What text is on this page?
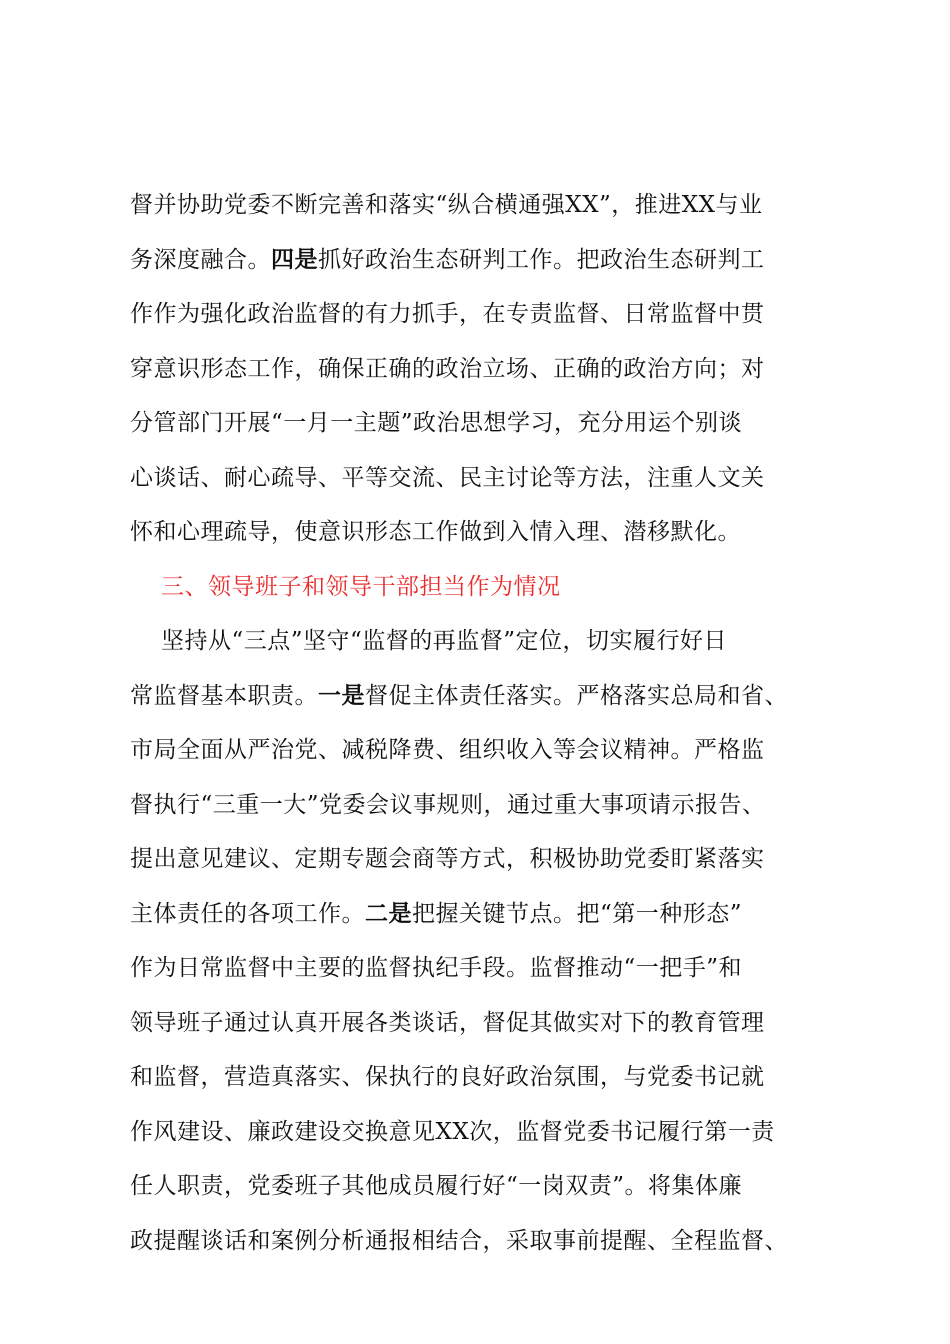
督并协助党委不断完善和落实“纵合横通强XX”，推进XX与业
务深度融合。四是抓好政治生态研判工作。把政治生态研判工
作作为强化政治监督的有力抓手，在专责监督、日常监督中贯
穿意识形态工作，确保正确的政治立场、正确的政治方向；对
分管部门开展“一月一主题”政治思想学习，充分用运个别谈
心谈话、耐心疏导、平等交流、民主讨论等方法，注重人文关
怀和心理疏导，使意识形态工作做到入情入理、潜移默化。
三、领导班子和领导干部担当作为情况
坚持从“三点”坚守“监督的再监督”定位，切实履行好日
常监督基本职责。一是督促主体责任落实。严格落实总局和省、
市局全面从严治党、减税降费、组织收入等会议精神。严格监
督执行“三重一大”党委会议事规则，通过重大事项请示报告、
提出意见建议、定期专题会商等方式，积极协助党委盯紧落实
主体责任的各项工作。二是把握关键节点。把“第一种形态”
作为日常监督中主要的监督执纪手段。监督推动“一把手”和
领导班子通过认真开展各类谈话，督促其做实对下的教育管理
和监督，营造真落实、保执行的良好政治氛围，与党委书记就
作风建设、廉政建设交换意见XX次，监督党委书记履行第一责
任人职责，党委班子其他成员履行好“一岗双责”。将集体廉
政提醒谈话和案例分析通报相结合，采取事前提醒、全程监督、
